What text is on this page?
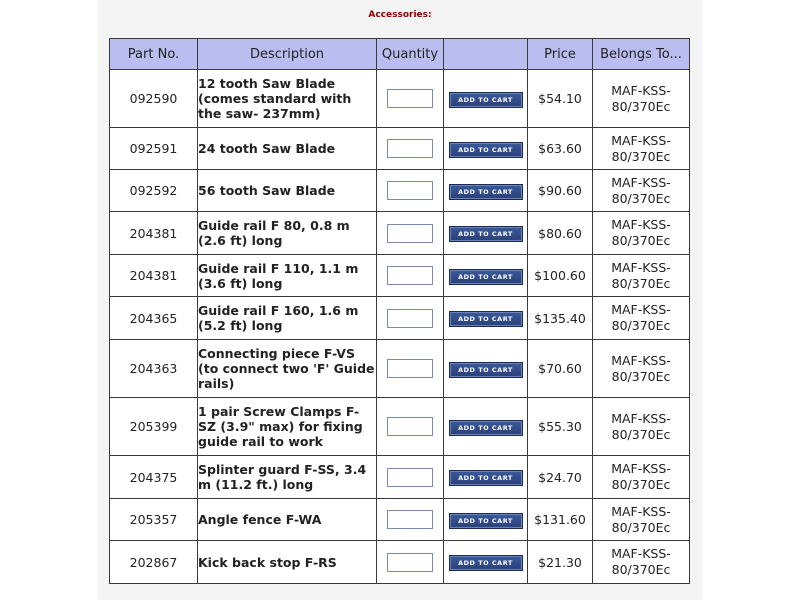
Accessories:
Part No.	Description	Quantity		Price	Belongs To...
092590	12 tooth Saw Blade (comes standard with the saw- 237mm)		ADD TO CART	$54.10	MAF-KSS-80/370Ec
092591	24 tooth Saw Blade		ADD TO CART	$63.60	MAF-KSS-80/370Ec
092592	56 tooth Saw Blade		ADD TO CART	$90.60	MAF-KSS-80/370Ec
204381	Guide rail F 80, 0.8 m (2.6 ft) long		ADD TO CART	$80.60	MAF-KSS-80/370Ec
204381	Guide rail F 110, 1.1 m (3.6 ft) long		ADD TO CART	$100.60	MAF-KSS-80/370Ec
204365	Guide rail F 160, 1.6 m (5.2 ft) long		ADD TO CART	$135.40	MAF-KSS-80/370Ec
204363	Connecting piece F-VS (to connect two 'F' Guide rails)		ADD TO CART	$70.60	MAF-KSS-80/370Ec
205399	1 pair Screw Clamps F-SZ (3.9" max) for fixing guide rail to work		ADD TO CART	$55.30	MAF-KSS-80/370Ec
204375	Splinter guard F-SS, 3.4 m (11.2 ft.) long		ADD TO CART	$24.70	MAF-KSS-80/370Ec
205357	Angle fence F-WA		ADD TO CART	$131.60	MAF-KSS-80/370Ec
202867	Kick back stop F-RS		ADD TO CART	$21.30	MAF-KSS-80/370Ec
